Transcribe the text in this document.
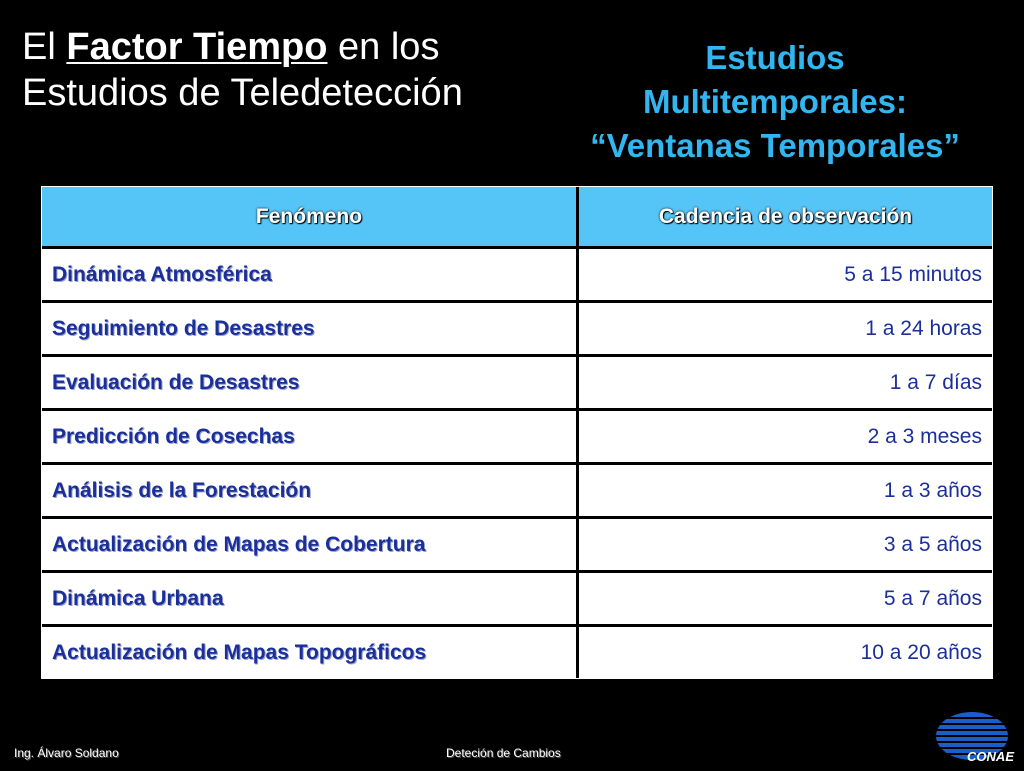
El Factor Tiempo en los
Estudios de Teledetección
Estudios
Multitemporales:
“Ventanas Temporales”
Fenómeno	Cadencia de observación
Dinámica Atmosférica	5 a 15 minutos
Seguimiento de Desastres	1 a 24 horas
Evaluación de Desastres	1 a 7 días
Predicción de Cosechas	2 a 3 meses
Análisis de la Forestación	1 a 3 años
Actualización de Mapas de Cobertura	3 a 5 años
Dinámica Urbana	5 a 7 años
Actualización de Mapas Topográficos	10 a 20 años
Ing. Álvaro Soldano	Deteción de Cambios	CONAE
